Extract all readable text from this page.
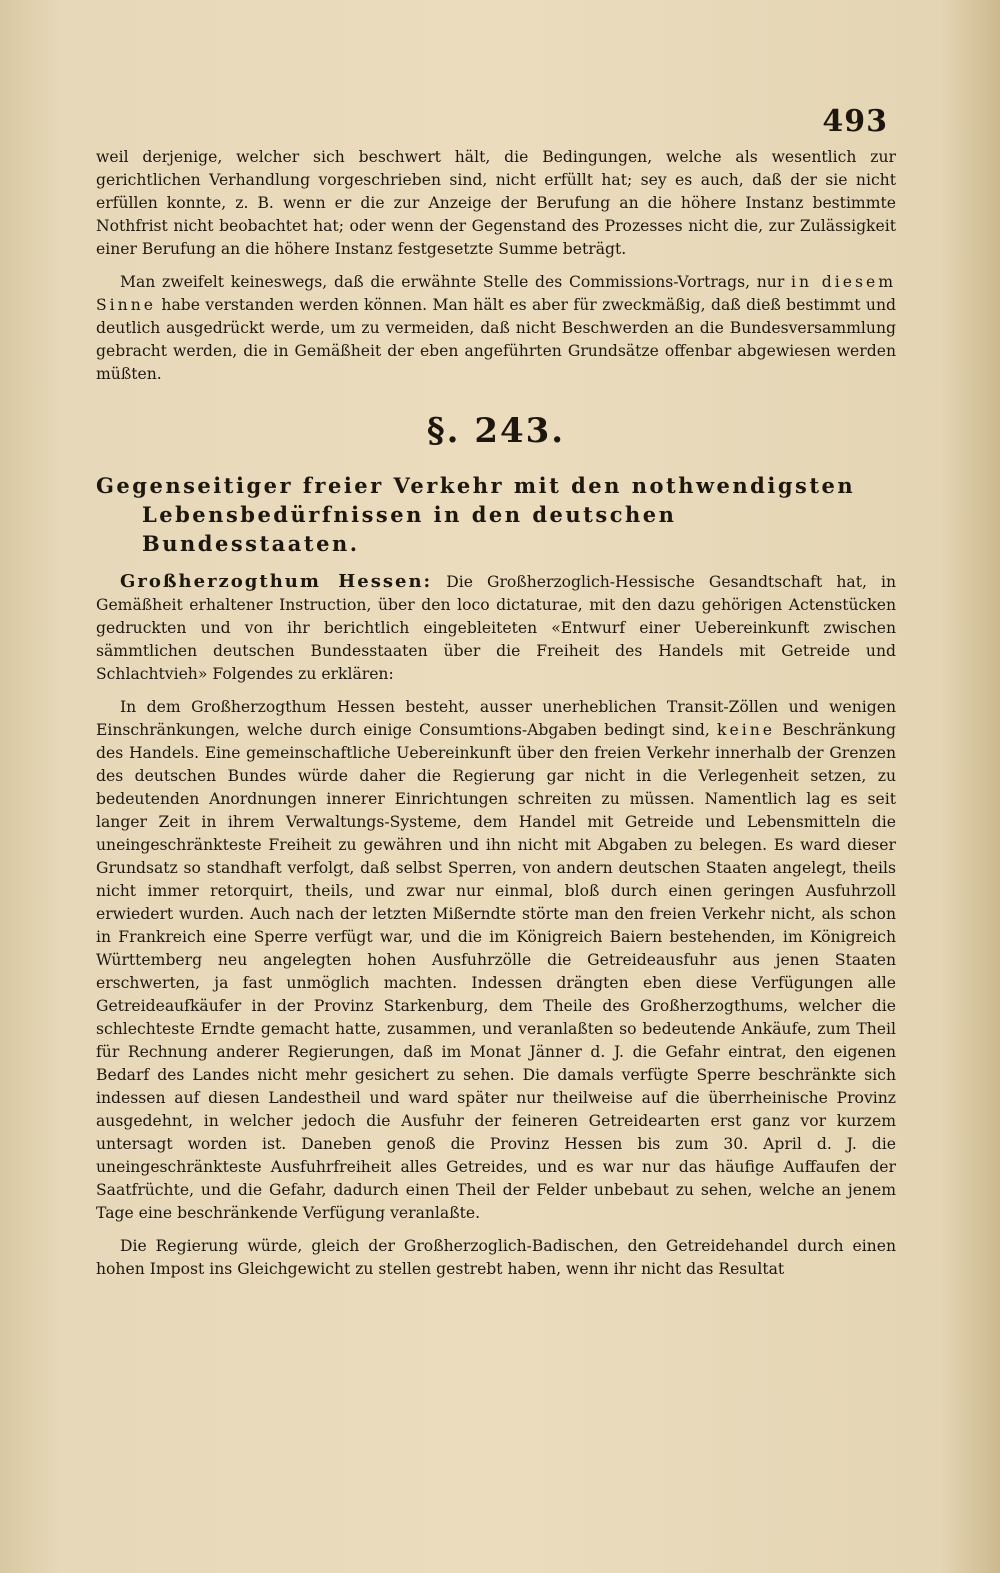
493

weil derjenige, welcher sich beschwert hält, die Bedingungen, welche als wesentlich zur gerichtlichen Verhandlung vorgeschrieben sind, nicht erfüllt hat; sey es auch, daß der sie nicht erfüllen konnte, z. B. wenn er die zur Anzeige der Berufung an die höhere Instanz bestimmte Nothfrist nicht beobachtet hat; oder wenn der Gegenstand des Prozesses nicht die, zur Zulässigkeit einer Berufung an die höhere Instanz festgesetzte Summe beträgt.

Man zweifelt keineswegs, daß die erwähnte Stelle des Commissions-Vortrags, nur in diesem Sinne habe verstanden werden können. Man hält es aber für zweckmäßig, daß dieß bestimmt und deutlich ausgedrückt werde, um zu vermeiden, daß nicht Beschwerden an die Bundesversammlung gebracht werden, die in Gemäßheit der eben angeführten Grundsätze offenbar abgewiesen werden müßten.

§. 243.
Gegenseitiger freier Verkehr mit den nothwendigsten Lebensbedürfnissen in den deutschen Bundesstaaten.

Großherzogthum Hessen: Die Großherzoglich-Hessische Gesandtschaft hat, in Gemäßheit erhaltener Instruction, über den loco dictaturae, mit den dazu gehörigen Actenstücken gedruckten und von ihr berichtlich eingebleiteten «Entwurf einer Uebereinkunft zwischen sämmtlichen deutschen Bundesstaaten über die Freiheit des Handels mit Getreide und Schlachtvieh» Folgendes zu erklären:

In dem Großherzogthum Hessen besteht, ausser unerheblichen Transit-Zöllen und wenigen Einschränkungen, welche durch einige Consumtions-Abgaben bedingt sind, keine Beschränkung des Handels. Eine gemeinschaftliche Uebereinkunft über den freien Verkehr innerhalb der Grenzen des deutschen Bundes würde daher die Regierung gar nicht in die Verlegenheit setzen, zu bedeutenden Anordnungen innerer Einrichtungen schreiten zu müssen. Namentlich lag es seit langer Zeit in ihrem Verwaltungs-Systeme, dem Handel mit Getreide und Lebensmitteln die uneingeschränkteste Freiheit zu gewähren und ihn nicht mit Abgaben zu belegen. Es ward dieser Grundsatz so standhaft verfolgt, daß selbst Sperren, von andern deutschen Staaten angelegt, theils nicht immer retorquirt, theils, und zwar nur einmal, bloß durch einen geringen Ausfuhrzoll erwiedert wurden. Auch nach der letzten Mißerndte störte man den freien Verkehr nicht, als schon in Frankreich eine Sperre verfügt war, und die im Königreich Baiern bestehenden, im Königreich Württemberg neu angelegten hohen Ausfuhrzölle die Getreideausfuhr aus jenen Staaten erschwerten, ja fast unmöglich machten. Indessen drängten eben diese Verfügungen alle Getreideaufkäufer in der Provinz Starkenburg, dem Theile des Großherzogthums, welcher die schlechteste Erndte gemacht hatte, zusammen, und veranlaßten so bedeutende Ankäufe, zum Theil für Rechnung anderer Regierungen, daß im Monat Jänner d. J. die Gefahr eintrat, den eigenen Bedarf des Landes nicht mehr gesichert zu sehen. Die damals verfügte Sperre beschränkte sich indessen auf diesen Landestheil und ward später nur theilweise auf die überrheinische Provinz ausgedehnt, in welcher jedoch die Ausfuhr der feineren Getreidearten erst ganz vor kurzem untersagt worden ist. Daneben genoß die Provinz Hessen bis zum 30. April d. J. die uneingeschränkteste Ausfuhrfreiheit alles Getreides, und es war nur das häufige Auffaufen der Saatfrüchte, und die Gefahr, dadurch einen Theil der Felder unbebaut zu sehen, welche an jenem Tage eine beschränkende Verfügung veranlaßte.

Die Regierung würde, gleich der Großherzoglich-Badischen, den Getreidehandel durch einen hohen Impost ins Gleichgewicht zu stellen gestrebt haben, wenn ihr nicht das Resultat
